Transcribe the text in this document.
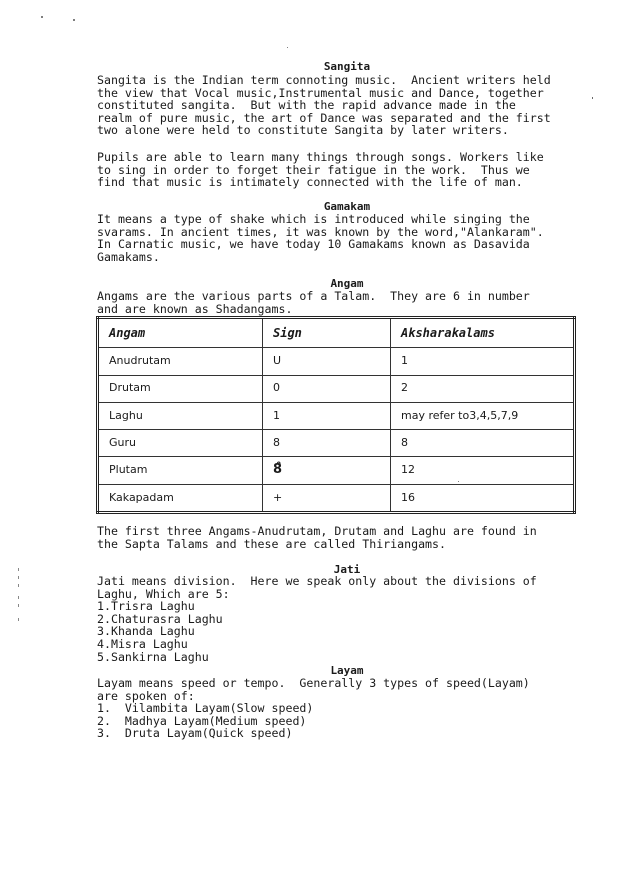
Sangita

Sangita is the Indian term connoting music.  Ancient writers held
the view that Vocal music,Instrumental music and Dance, together
constituted sangita.  But with the rapid advance made in the
realm of pure music, the art of Dance was separated and the first
two alone were held to constitute Sangita by later writers.

Pupils are able to learn many things through songs. Workers like
to sing in order to forget their fatigue in the work.  Thus we
find that music is intimately connected with the life of man.

Gamakam

It means a type of shake which is introduced while singing the
svarams. In ancient times, it was known by the word,"Alankaram".
In Carnatic music, we have today 10 Gamakams known as Dasavida
Gamakams.

Angam

Angams are the various parts of a Talam.  They are 6 in number
and are known as Shadangams.

Angam	Sign	Aksharakalams
Anudrutam	U	1
Drutam	0	2
Laghu	1	may refer to3,4,5,7,9
Guru	8	8
Plutam	8̊	12
Kakapadam	+	16

The first three Angams-Anudrutam, Drutam and Laghu are found in
the Sapta Talams and these are called Thiriangams.

Jati

Jati means division.  Here we speak only about the divisions of
Laghu, Which are 5:

1.Trisra Laghu
2.Chaturasra Laghu
3.Khanda Laghu
4.Misra Laghu
5.Sankirna Laghu

Layam

Layam means speed or tempo.  Generally 3 types of speed(Layam)
are spoken of:

1.  Vilambita Layam(Slow speed)
2.  Madhya Layam(Medium speed)
3.  Druta Layam(Quick speed)
